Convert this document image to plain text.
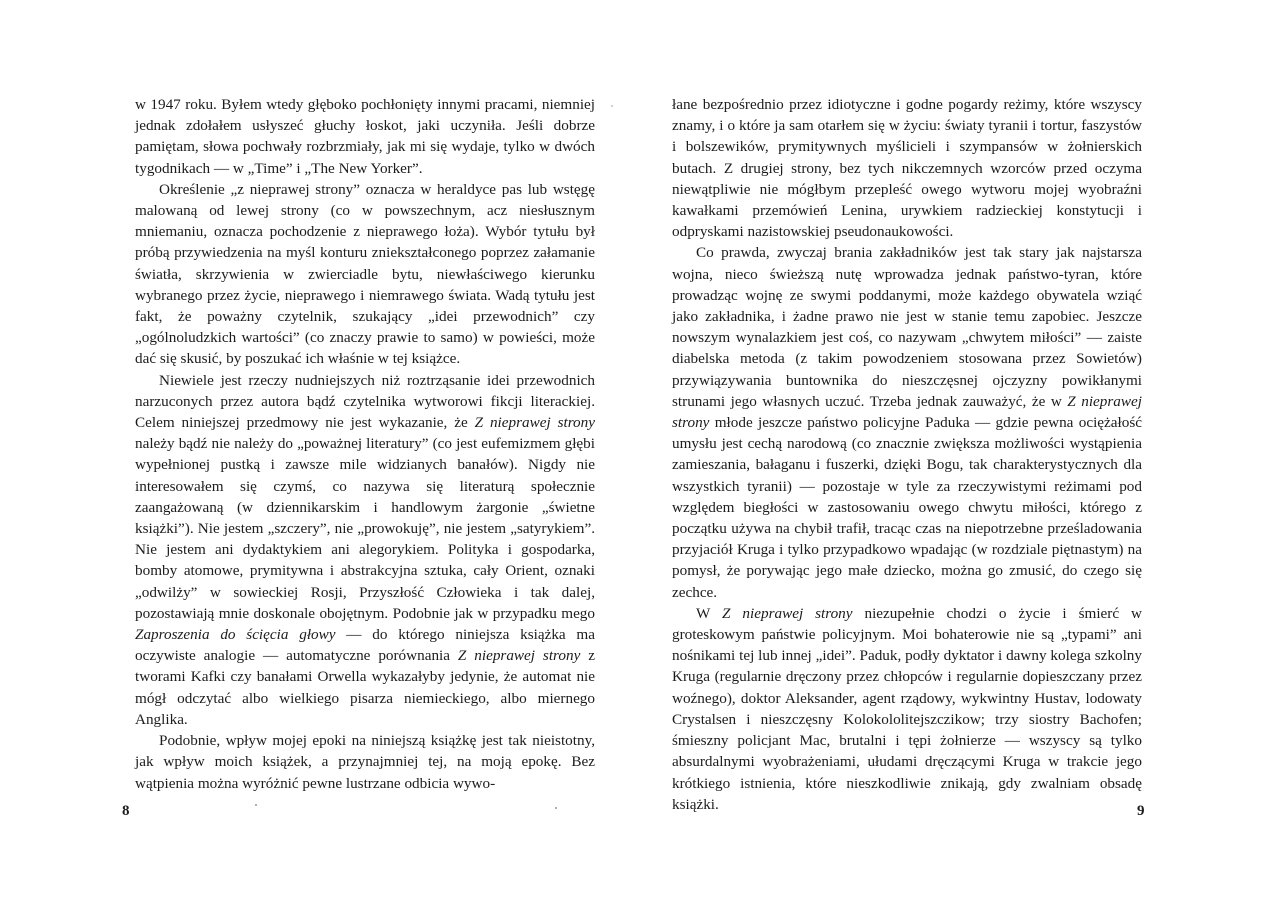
w 1947 roku. Byłem wtedy głęboko pochłonięty innymi pracami, niemniej jednak zdołałem usłyszeć głuchy łoskot, jaki uczyniła. Jeśli dobrze pamiętam, słowa pochwały rozbrzmiały, jak mi się wydaje, tylko w dwóch tygodnikach — w „Time” i „The New Yorker”.

Określenie „z nieprawej strony” oznacza w heraldyce pas lub wstęgę malowaną od lewej strony (co w powszechnym, acz niesłusznym mniemaniu, oznacza pochodzenie z nieprawego łoża). Wybór tytułu był próbą przywiedzenia na myśl konturu zniekształconego poprzez załamanie światła, skrzywienia w zwierciadle bytu, niewłaściwego kierunku wybranego przez życie, nieprawego i niemrawego świata. Wadą tytułu jest fakt, że poważny czytelnik, szukający „idei przewodnich” czy „ogólnoludzkich wartości” (co znaczy prawie to samo) w powieści, może dać się skusić, by poszukać ich właśnie w tej książce.

Niewiele jest rzeczy nudniejszych niż roztrząsanie idei przewodnich narzuconych przez autora bądź czytelnika wytworowi fikcji literackiej. Celem niniejszej przedmowy nie jest wykazanie, że Z nieprawej strony należy bądź nie należy do „poważnej literatury” (co jest eufemizmem głębi wypełnionej pustką i zawsze mile widzianych banałów). Nigdy nie interesowałem się czymś, co nazywa się literaturą społecznie zaangażowaną (w dziennikarskim i handlowym żargonie „świetne książki”). Nie jestem „szczery”, nie „prowokuję”, nie jestem „satyrykiem”. Nie jestem ani dydaktykiem ani alegorykiem. Polityka i gospodarka, bomby atomowe, prymitywna i abstrakcyjna sztuka, cały Orient, oznaki „odwilży” w sowieckiej Rosji, Przyszłość Człowieka i tak dalej, pozostawiają mnie doskonale obojętnym. Podobnie jak w przypadku mego Zaproszenia do ścięcia głowy — do którego niniejsza książka ma oczywiste analogie — automatyczne porównania Z nieprawej strony z tworami Kafki czy banałami Orwella wykazałyby jedynie, że automat nie mógł odczytać albo wielkiego pisarza niemieckiego, albo miernego Anglika.

Podobnie, wpływ mojej epoki na niniejszą książkę jest tak nieistotny, jak wpływ moich książek, a przynajmniej tej, na moją epokę. Bez wątpienia można wyróżnić pewne lustrzane odbicia wywo-

łane bezpośrednio przez idiotyczne i godne pogardy reżimy, które wszyscy znamy, i o które ja sam otarłem się w życiu: światy tyranii i tortur, faszystów i bolszewików, prymitywnych myślicieli i szympansów w żołnierskich butach. Z drugiej strony, bez tych nikczemnych wzorców przed oczyma niewątpliwie nie mógłbym przepleść owego wytworu mojej wyobraźni kawałkami przemówień Lenina, urywkiem radzieckiej konstytucji i odpryskami nazistowskiej pseudonaukowości.

Co prawda, zwyczaj brania zakładników jest tak stary jak najstarsza wojna, nieco świeższą nutę wprowadza jednak państwo-tyran, które prowadząc wojnę ze swymi poddanymi, może każdego obywatela wziąć jako zakładnika, i żadne prawo nie jest w stanie temu zapobiec. Jeszcze nowszym wynalazkiem jest coś, co nazywam „chwytem miłości” — zaiste diabelska metoda (z takim powodzeniem stosowana przez Sowietów) przywiązywania buntownika do nieszczęsnej ojczyzny powikłanymi strunami jego własnych uczuć. Trzeba jednak zauważyć, że w Z nieprawej strony młode jeszcze państwo policyjne Paduka — gdzie pewna ociężałość umysłu jest cechą narodową (co znacznie zwiększa możliwości wystąpienia zamieszania, bałaganu i fuszerki, dzięki Bogu, tak charakterystycznych dla wszystkich tyranii) — pozostaje w tyle za rzeczywistymi reżimami pod względem biegłości w zastosowaniu owego chwytu miłości, którego z początku używa na chybił trafił, tracąc czas na niepotrzebne prześladowania przyjaciół Kruga i tylko przypadkowo wpadając (w rozdziale piętnastym) na pomysł, że porywając jego małe dziecko, można go zmusić, do czego się zechce.

W Z nieprawej strony niezupełnie chodzi o życie i śmierć w groteskowym państwie policyjnym. Moi bohaterowie nie są „typami” ani nośnikami tej lub innej „idei”. Paduk, podły dyktator i dawny kolega szkolny Kruga (regularnie dręczony przez chłopców i regularnie dopieszczany przez woźnego), doktor Aleksander, agent rządowy, wykwintny Hustav, lodowaty Crystalsen i nieszczęsny Kolokololitejszczikow; trzy siostry Bachofen; śmieszny policjant Mac, brutalni i tępi żołnierze — wszyscy są tylko absurdalnymi wyobrażeniami, ułudami dręczącymi Kruga w trakcie jego krótkiego istnienia, które nieszkodliwie znikają, gdy zwalniam obsadę książki.

8	9
